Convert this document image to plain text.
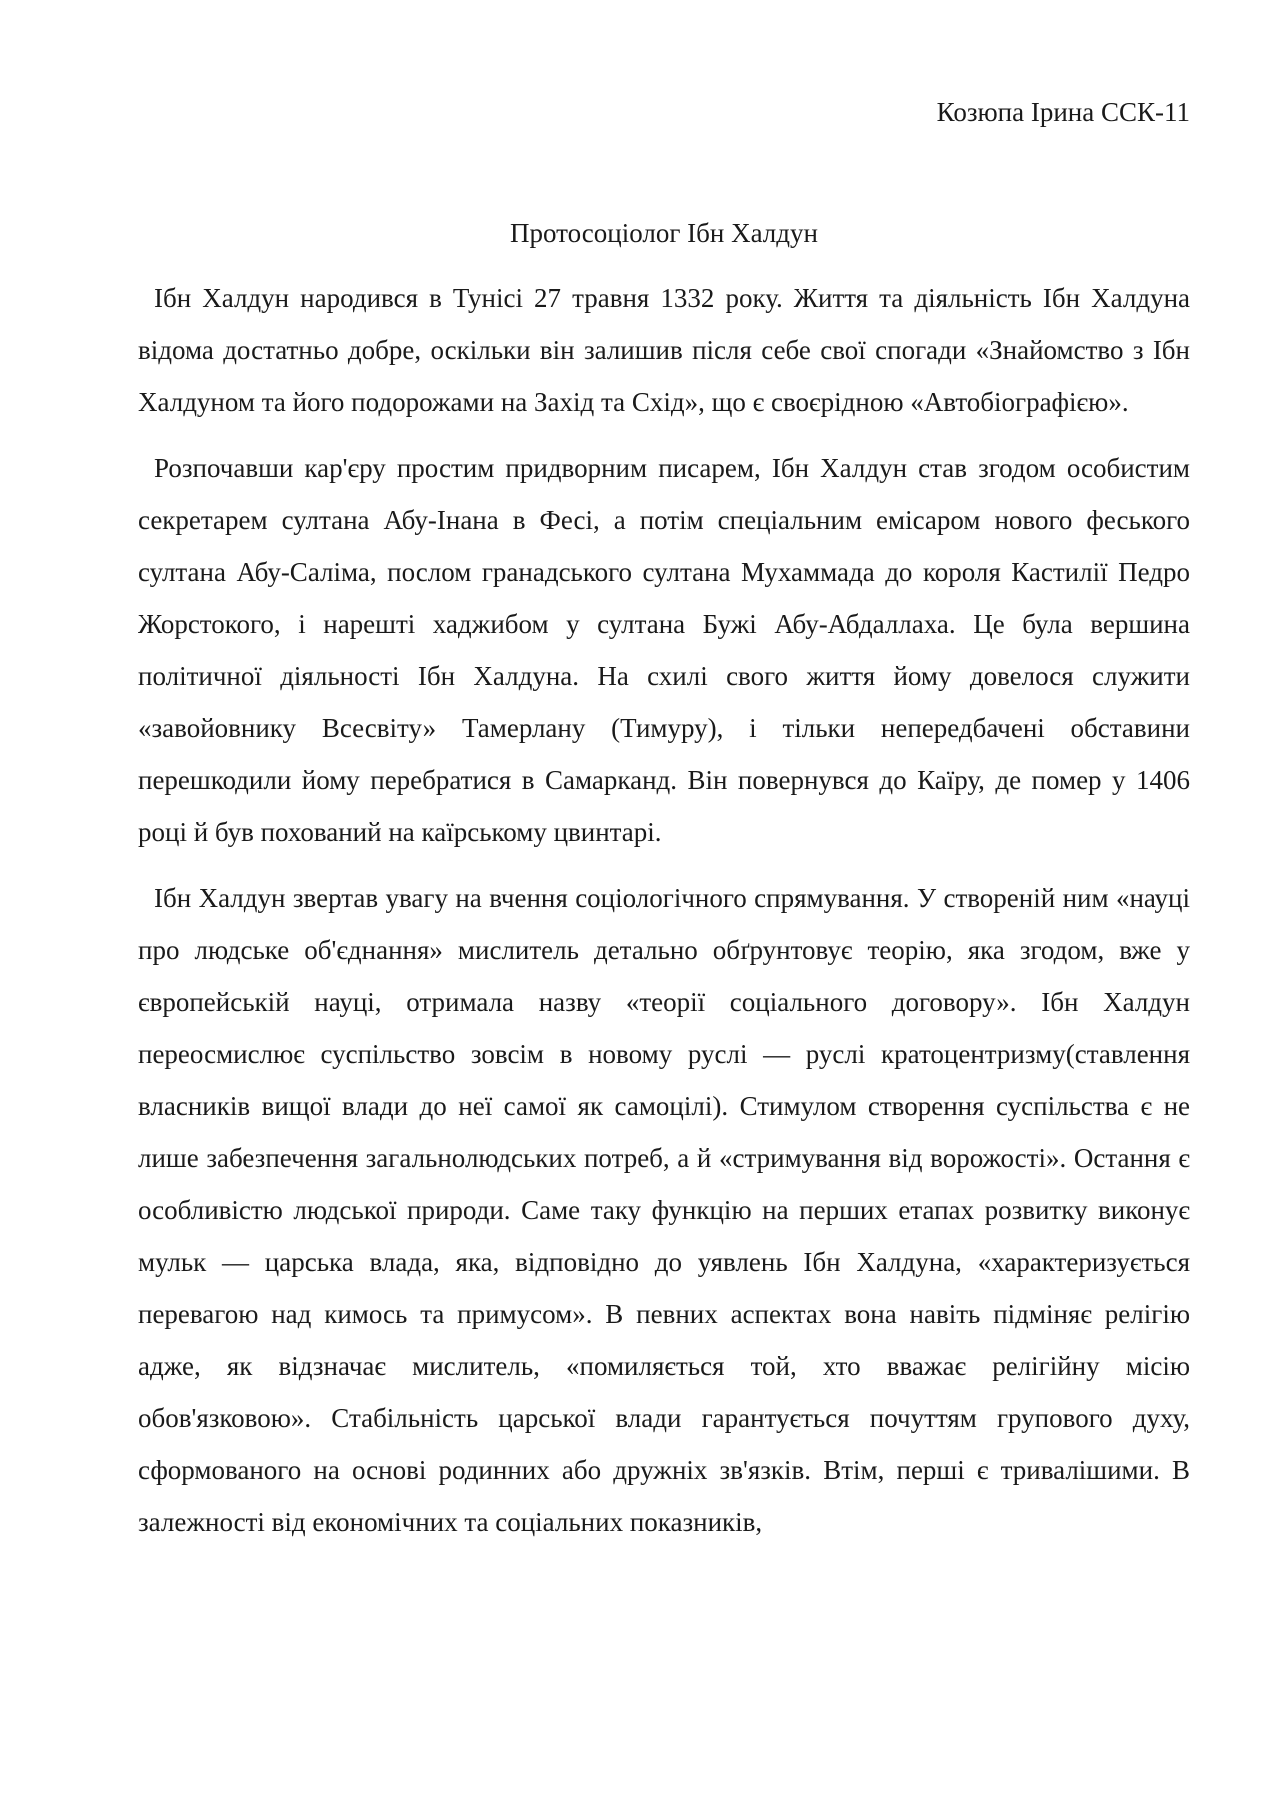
Козюпа Ірина ССК-11
Протосоціолог Ібн Халдун

Ібн Халдун народився в Тунісі 27 травня 1332 року. Життя та діяльність Ібн Халдуна відома достатньо добре, оскільки він залишив після себе свої спогади «Знайомство з Ібн Халдуном та його подорожами на Захід та Схід», що є своєрідною «Автобіографією».

Розпочавши кар'єру простим придворним писарем, Ібн Халдун став згодом особистим секретарем султана Абу-Інана в Фесі, а потім спеціальним емісаром нового феського султана Абу-Саліма, послом гранадського султана Мухаммада до короля Кастилії Педро Жорстокого, і нарешті хаджибом у султана Бужі Абу-Абдаллаха. Це була вершина політичної діяльності Ібн Халдуна. На схилі свого життя йому довелося служити «завойовнику Всесвіту» Тамерлану (Тимуру), і тільки непередбачені обставини перешкодили йому перебратися в Самарканд. Він повернувся до Каїру, де помер у 1406 році й був похований на каїрському цвинтарі.

Ібн Халдун звертав увагу на вчення соціологічного спрямування. У створеній ним «науці про людське об'єднання» мислитель детально обґрунтовує теорію, яка згодом, вже у європейській науці, отримала назву «теорії соціального договору». Ібн Халдун переосмислює суспільство зовсім в новому руслі — руслі кратоцентризму(ставлення власників вищої влади до неї самої як самоцілі). Стимулом створення суспільства є не лише забезпечення загальнолюдських потреб, а й «стримування від ворожості». Остання є особливістю людської природи. Саме таку функцію на перших етапах розвитку виконує мульк — царська влада, яка, відповідно до уявлень Ібн Халдуна, «характеризується перевагою над кимось та примусом». В певних аспектах вона навіть підміняє релігію адже, як відзначає мислитель, «помиляється той, хто вважає релігійну місію обов'язковою». Стабільність царської влади гарантується почуттям групового духу, сформованого на основі родинних або дружніх зв'язків. Втім, перші є тривалішими. В залежності від економічних та соціальних показників,
